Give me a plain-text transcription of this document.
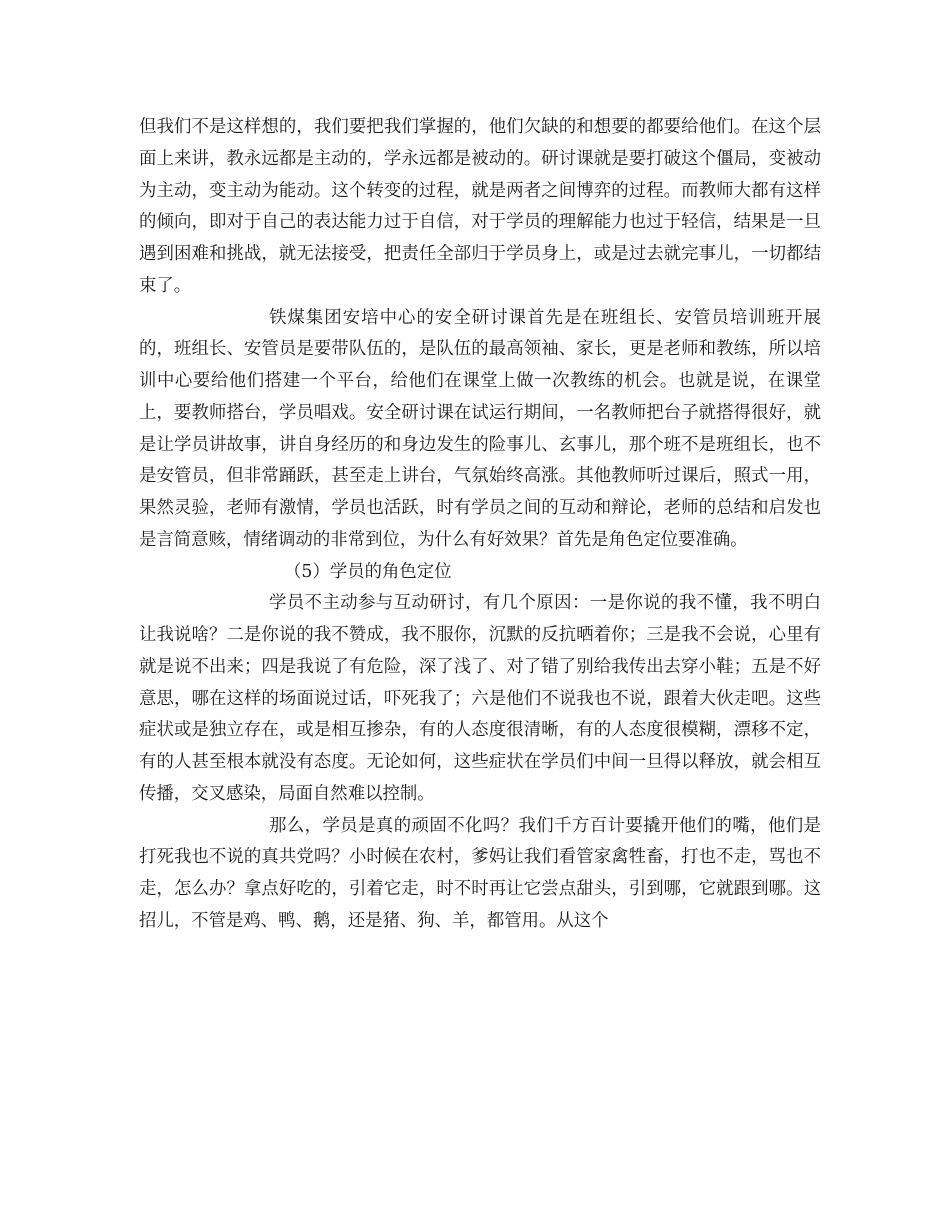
但我们不是这样想的，我们要把我们掌握的，他们欠缺的和想要的都要给他们。在这个层面上来讲，教永远都是主动的，学永远都是被动的。研讨课就是要打破这个僵局，变被动为主动，变主动为能动。这个转变的过程，就是两者之间博弈的过程。而教师大都有这样的倾向，即对于自己的表达能力过于自信，对于学员的理解能力也过于轻信，结果是一旦遇到困难和挑战，就无法接受，把责任全部归于学员身上，或是过去就完事儿，一切都结束了。

铁煤集团安培中心的安全研讨课首先是在班组长、安管员培训班开展的，班组长、安管员是要带队伍的，是队伍的最高领袖、家长，更是老师和教练，所以培训中心要给他们搭建一个平台，给他们在课堂上做一次教练的机会。也就是说，在课堂上，要教师搭台，学员唱戏。安全研讨课在试运行期间，一名教师把台子就搭得很好，就是让学员讲故事，讲自身经历的和身边发生的险事儿、玄事儿，那个班不是班组长，也不是安管员，但非常踊跃，甚至走上讲台，气氛始终高涨。其他教师听过课后，照式一用，果然灵验，老师有激情，学员也活跃，时有学员之间的互动和辩论，老师的总结和启发也是言简意赅，情绪调动的非常到位，为什么有好效果？首先是角色定位要准确。

（5）学员的角色定位

学员不主动参与互动研讨，有几个原因：一是你说的我不懂，我不明白让我说啥？二是你说的我不赞成，我不服你，沉默的反抗晒着你；三是我不会说，心里有就是说不出来；四是我说了有危险，深了浅了、对了错了别给我传出去穿小鞋；五是不好意思，哪在这样的场面说过话，吓死我了；六是他们不说我也不说，跟着大伙走吧。这些症状或是独立存在，或是相互掺杂，有的人态度很清晰，有的人态度很模糊，漂移不定，有的人甚至根本就没有态度。无论如何，这些症状在学员们中间一旦得以释放，就会相互传播，交叉感染，局面自然难以控制。

那么，学员是真的顽固不化吗？我们千方百计要撬开他们的嘴，他们是打死我也不说的真共党吗？小时候在农村，爹妈让我们看管家禽牲畜，打也不走，骂也不走，怎么办？拿点好吃的，引着它走，时不时再让它尝点甜头，引到哪，它就跟到哪。这招儿，不管是鸡、鸭、鹅，还是猪、狗、羊，都管用。从这个
